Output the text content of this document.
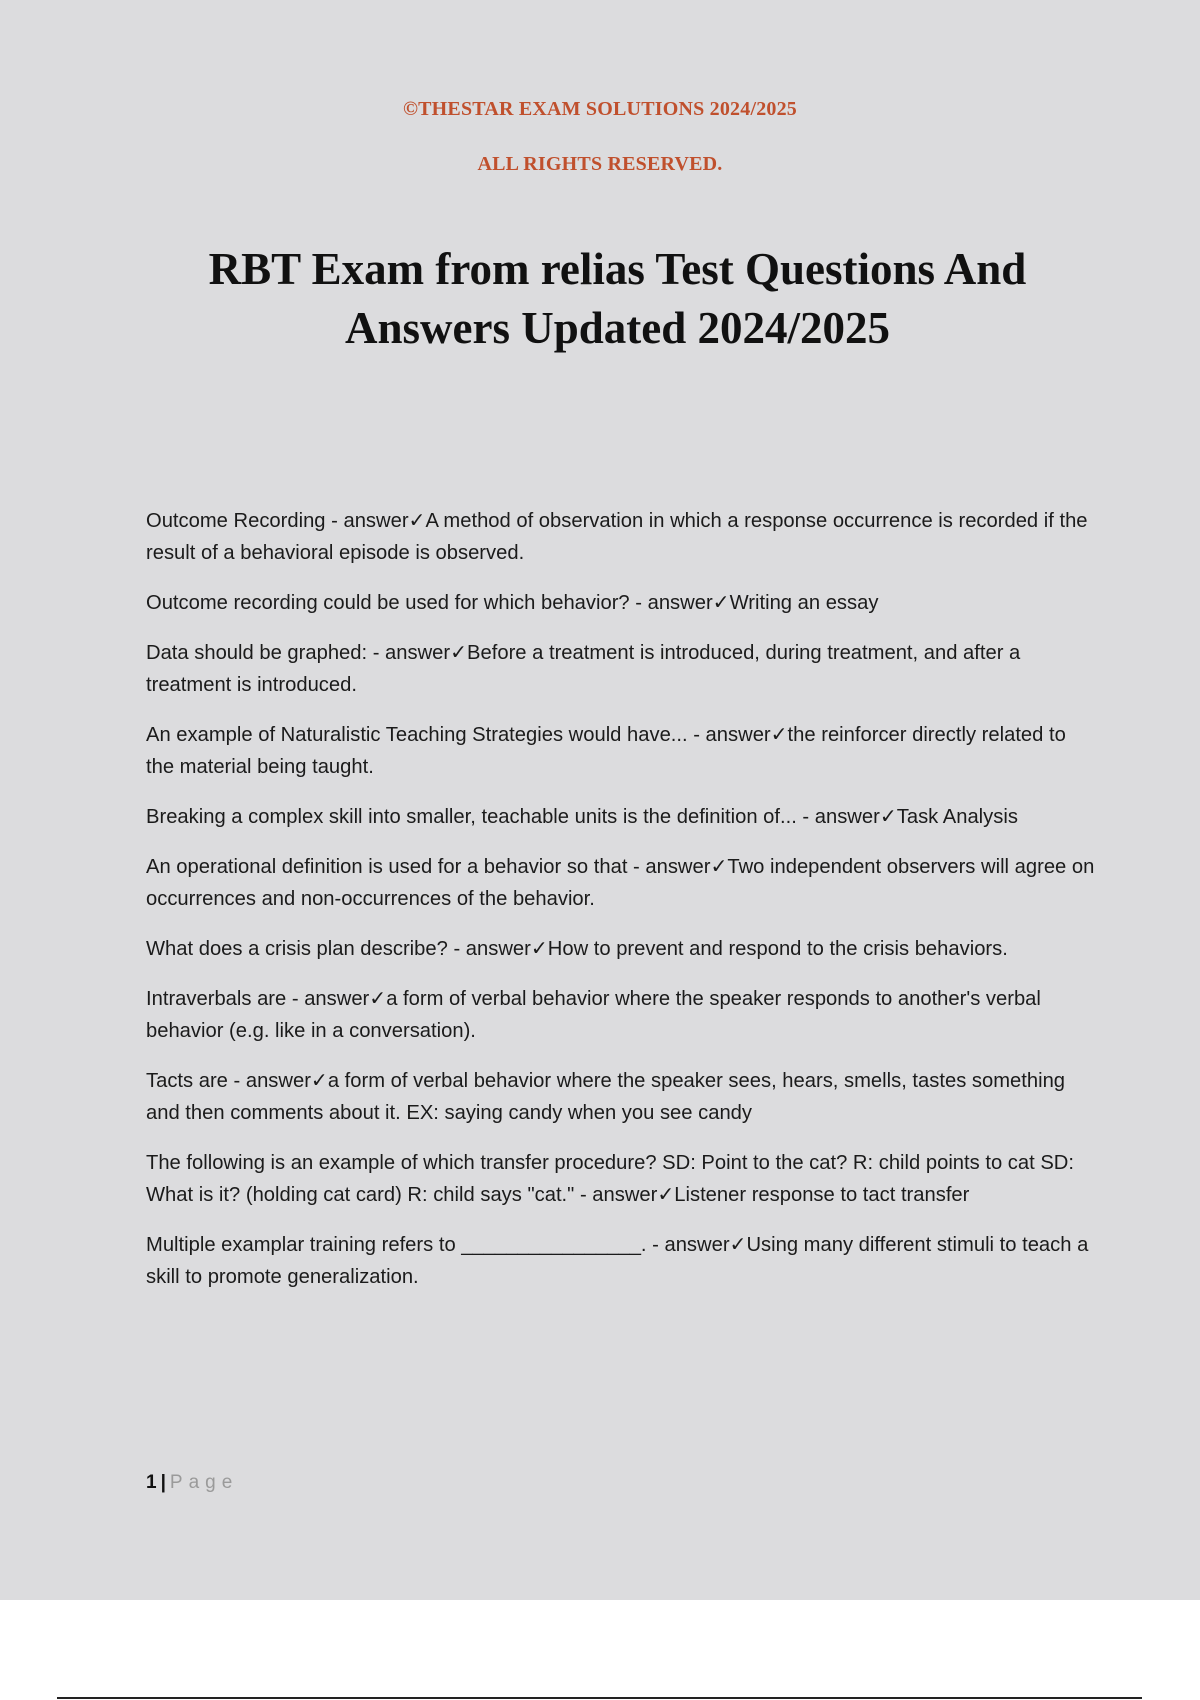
©THESTAR EXAM SOLUTIONS 2024/2025
ALL RIGHTS RESERVED.
RBT Exam from relias Test Questions And
Answers Updated 2024/2025

Outcome Recording - answer✓A method of observation in which a response occurrence is recorded if the result of a behavioral episode is observed.

Outcome recording could be used for which behavior? - answer✓Writing an essay

Data should be graphed: - answer✓Before a treatment is introduced, during treatment, and after a treatment is introduced.

An example of Naturalistic Teaching Strategies would have... - answer✓the reinforcer directly related to the material being taught.

Breaking a complex skill into smaller, teachable units is the definition of... - answer✓Task Analysis

An operational definition is used for a behavior so that - answer✓Two independent observers will agree on occurrences and non-occurrences of the behavior.

What does a crisis plan describe? - answer✓How to prevent and respond to the crisis behaviors.

Intraverbals are - answer✓a form of verbal behavior where the speaker responds to another's verbal behavior (e.g. like in a conversation).

Tacts are - answer✓a form of verbal behavior where the speaker sees, hears, smells, tastes something and then comments about it. EX: saying candy when you see candy

The following is an example of which transfer procedure? SD: Point to the cat? R: child points to cat SD: What is it? (holding cat card) R: child says "cat." - answer✓Listener response to tact transfer

Multiple examplar training refers to ________________. - answer✓Using many different stimuli to teach a skill to promote generalization.

1 | Page
